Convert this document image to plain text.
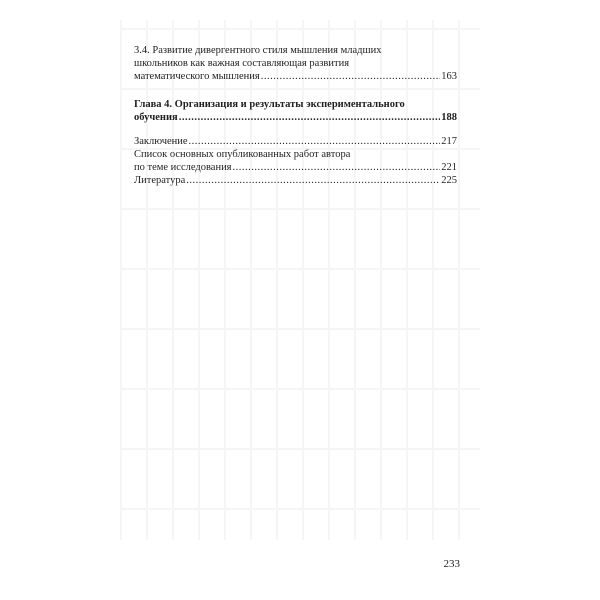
3.4. Развитие дивергентного стиля мышления младших
школьников как важная составляющая развития
математического мышления .....	163
Глава 4. Организация и результаты экспериментального
обучения .....	188
Заключение .....	217
Список основных опубликованных работ автора
по теме исследования .....	221
Литература .....	225
233
